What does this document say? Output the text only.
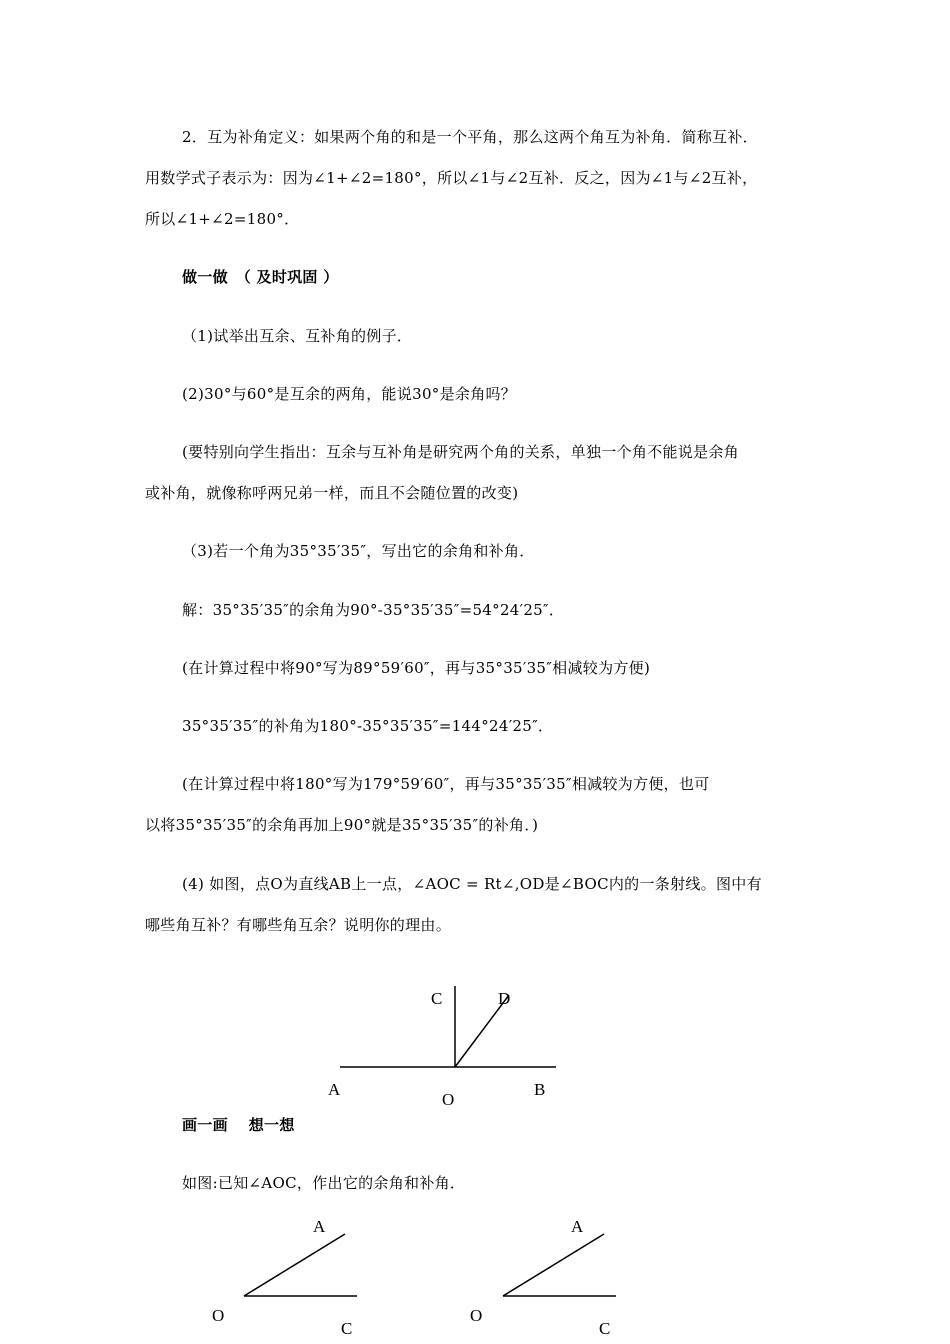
2．互为补角定义：如果两个角的和是一个平角，那么这两个角互为补角．简称互补．
用数学式子表示为：因为∠1+∠2=180°，所以∠1与∠2互补．反之，因为∠1与∠2互补，
所以∠1+∠2=180°．
做一做　（ 及时巩固 ）
（1)试举出互余、互补角的例子．
(2)30°与60°是互余的两角，能说30°是余角吗？
(要特别向学生指出：互余与互补角是研究两个角的关系，单独一个角不能说是余角
或补角，就像称呼两兄弟一样，而且不会随位置的改变)
（3)若一个角为35°35′35″，写出它的余角和补角．
解：35°35′35″的余角为90°-35°35′35″=54°24′25″．
(在计算过程中将90°写为89°59′60″，再与35°35′35″相减较为方便)
35°35′35″的补角为180°-35°35′35″=144°24′25″．
(在计算过程中将180°写为179°59′60″，再与35°35′35″相减较为方便，也可
以将35°35′35″的余角再加上90°就是35°35′35″的补角．)
(4) 如图，点O为直线AB上一点，∠AOC = Rt∠,OD是∠BOC内的一条射线。图中有
哪些角互补？有哪些角互余？说明你的理由。
C	D
A
O
B
画一画　 想一想
如图:已知∠AOC，作出它的余角和补角．
A
O
C
A
O
C
